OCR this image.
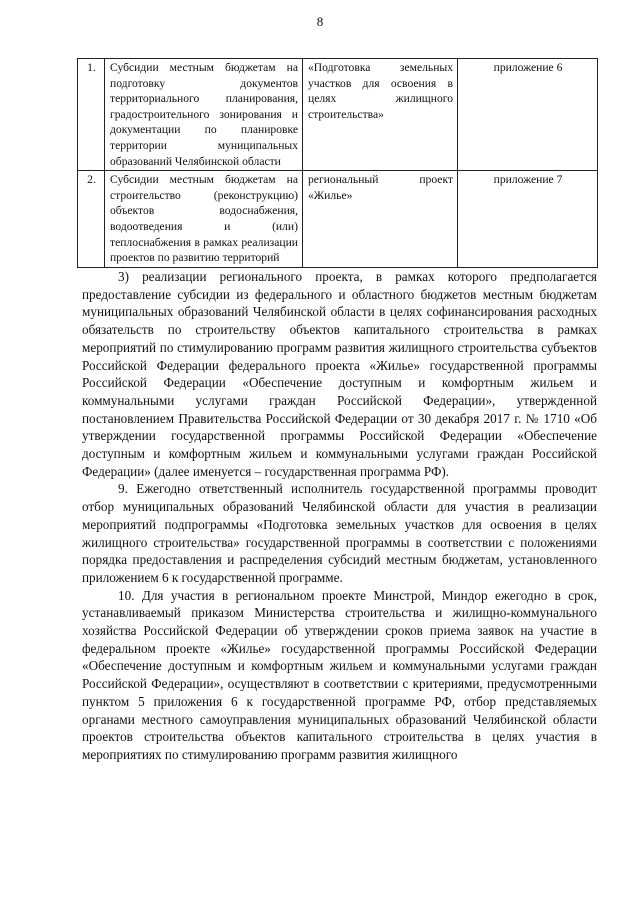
8
1.	Субсидии местным бюджетам на подготовку документов территориального планирования, градостроительного зонирования и документации по планировке территории муниципальных образований Челябинской области	«Подготовка земельных участков для освоения в целях жилищного строительства»	приложение 6
2.	Субсидии местным бюджетам на строительство (реконструкцию) объектов водоснабжения, водоотведения и (или) теплоснабжения в рамках реализации проектов по развитию территорий	региональный проект «Жилье»	приложение 7

3) реализации регионального проекта, в рамках которого предполагается предоставление субсидии из федерального и областного бюджетов местным бюджетам муниципальных образований Челябинской области в целях софинансирования расходных обязательств по строительству объектов капитального строительства в рамках мероприятий по стимулированию программ развития жилищного строительства субъектов Российской Федерации федерального проекта «Жилье» государственной программы Российской Федерации «Обеспечение доступным и комфортным жильем и коммунальными услугами граждан Российской Федерации», утвержденной постановлением Правительства Российской Федерации от 30 декабря 2017 г. № 1710 «Об утверждении государственной программы Российской Федерации «Обеспечение доступным и комфортным жильем и коммунальными услугами граждан Российской Федерации» (далее именуется – государственная программа РФ).

9. Ежегодно ответственный исполнитель государственной программы проводит отбор муниципальных образований Челябинской области для участия в реализации мероприятий подпрограммы «Подготовка земельных участков для освоения в целях жилищного строительства» государственной программы в соответствии с положениями порядка предоставления и распределения субсидий местным бюджетам, установленного приложением 6 к государственной программе.

10. Для участия в региональном проекте Минстрой, Миндор ежегодно в срок, устанавливаемый приказом Министерства строительства и жилищно-коммунального хозяйства Российской Федерации об утверждении сроков приема заявок на участие в федеральном проекте «Жилье» государственной программы Российской Федерации «Обеспечение доступным и комфортным жильем и коммунальными услугами граждан Российской Федерации», осуществляют в соответствии с критериями, предусмотренными пунктом 5 приложения 6 к государственной программе РФ, отбор представляемых органами местного самоуправления муниципальных образований Челябинской области проектов строительства объектов капитального строительства в целях участия в мероприятиях по стимулированию программ развития жилищного
